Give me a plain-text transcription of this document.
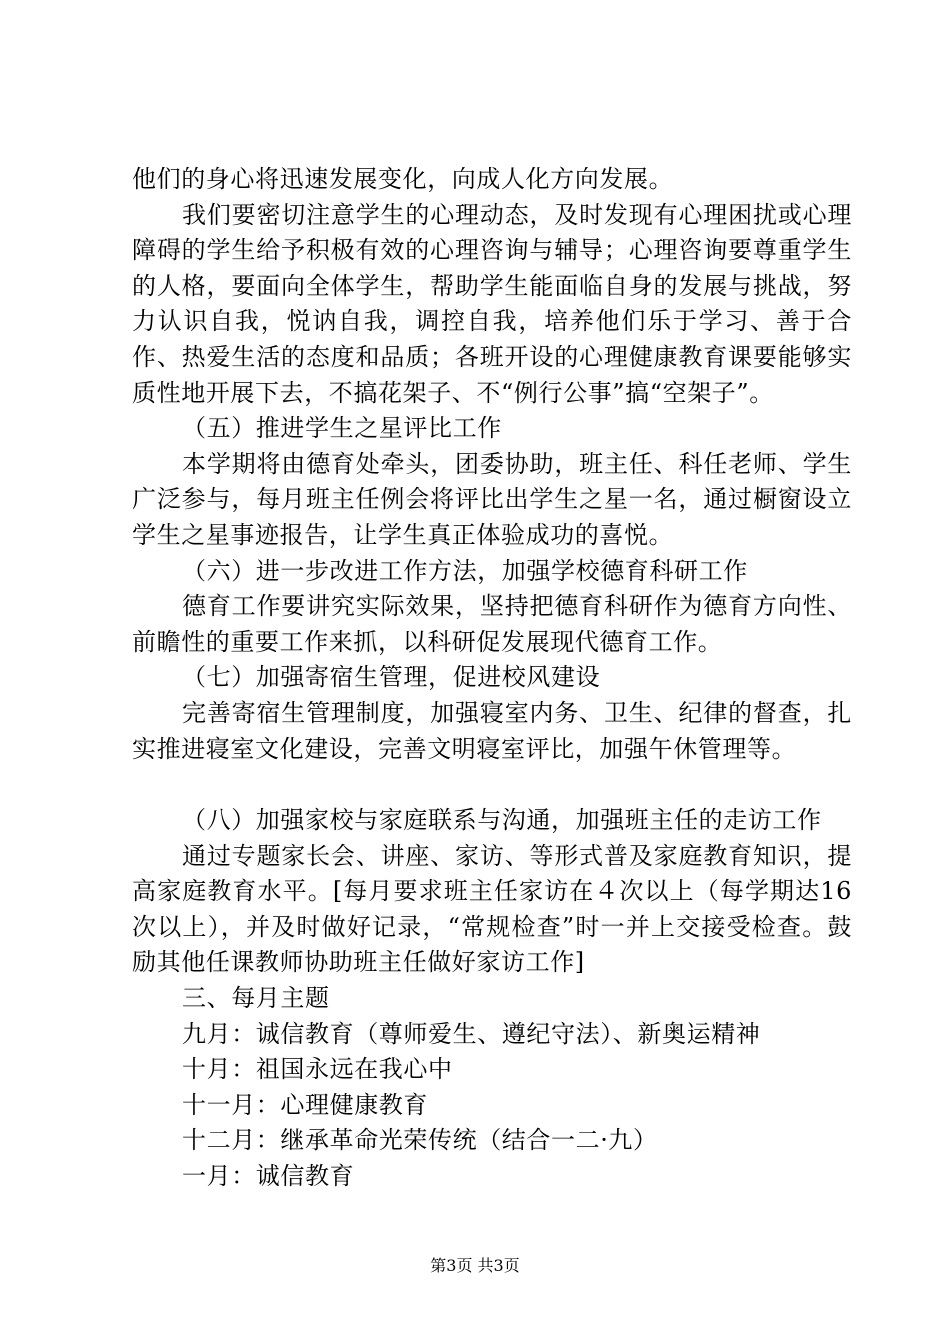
他们的身心将迅速发展变化，向成人化方向发展。

我们要密切注意学生的心理动态，及时发现有心理困扰或心理障碍的学生给予积极有效的心理咨询与辅导；心理咨询要尊重学生的人格，要面向全体学生，帮助学生能面临自身的发展与挑战，努力认识自我，悦讷自我，调控自我，培养他们乐于学习、善于合作、热爱生活的态度和品质；各班开设的心理健康教育课要能够实质性地开展下去，不搞花架子、不“例行公事”搞“空架子”。

（五）推进学生之星评比工作

本学期将由德育处牵头，团委协助，班主任、科任老师、学生广泛参与，每月班主任例会将评比出学生之星一名，通过橱窗设立学生之星事迹报告，让学生真正体验成功的喜悦。

（六）进一步改进工作方法，加强学校德育科研工作

德育工作要讲究实际效果，坚持把德育科研作为德育方向性、前瞻性的重要工作来抓，以科研促发展现代德育工作。

（七）加强寄宿生管理，促进校风建设

完善寄宿生管理制度，加强寝室内务、卫生、纪律的督查，扎实推进寝室文化建设，完善文明寝室评比，加强午休管理等。

（八）加强家校与家庭联系与沟通，加强班主任的走访工作

通过专题家长会、讲座、家访、等形式普及家庭教育知识，提高家庭教育水平。[每月要求班主任家访在４次以上（每学期达16次以上），并及时做好记录，“常规检查”时一并上交接受检查。鼓励其他任课教师协助班主任做好家访工作]

三、每月主题

九月：诚信教育（尊师爱生、遵纪守法）、新奥运精神

十月：祖国永远在我心中

十一月：心理健康教育

十二月：继承革命光荣传统（结合一二·九）

一月：诚信教育

第3页 共3页
